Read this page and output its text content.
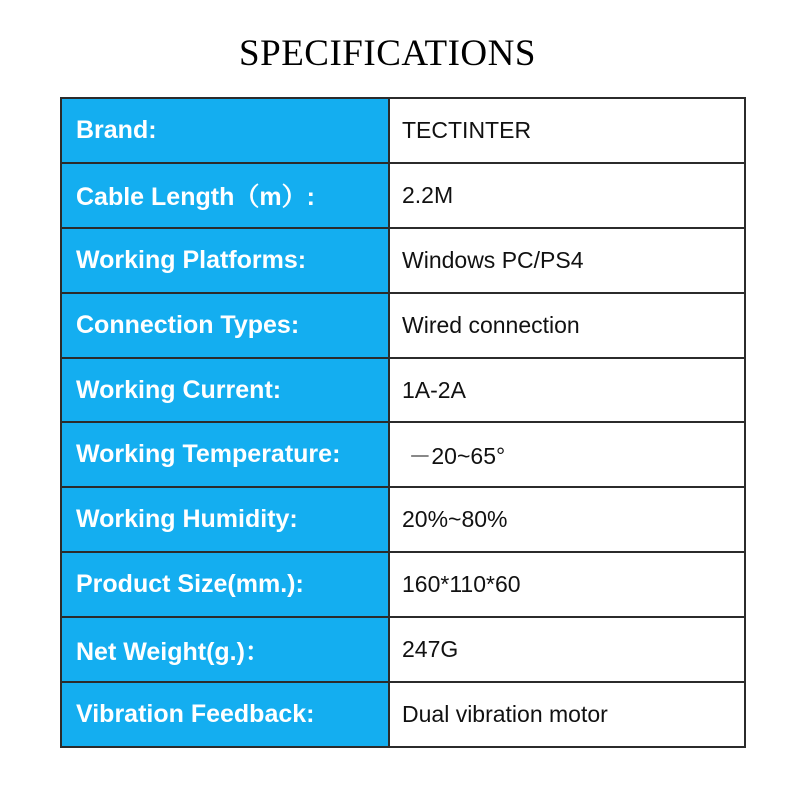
SPECIFICATIONS
Brand:	TECTINTER
Cable Length（m）:	2.2M
Working Platforms:	Windows PC/PS4
Connection Types:	Wired connection
Working Current:	1A-2A
Working Temperature:	－20~65°
Working Humidity:	20%~80%
Product Size(mm.):	160*110*60
Net Weight(g.)：	247G
Vibration Feedback:	Dual vibration motor
